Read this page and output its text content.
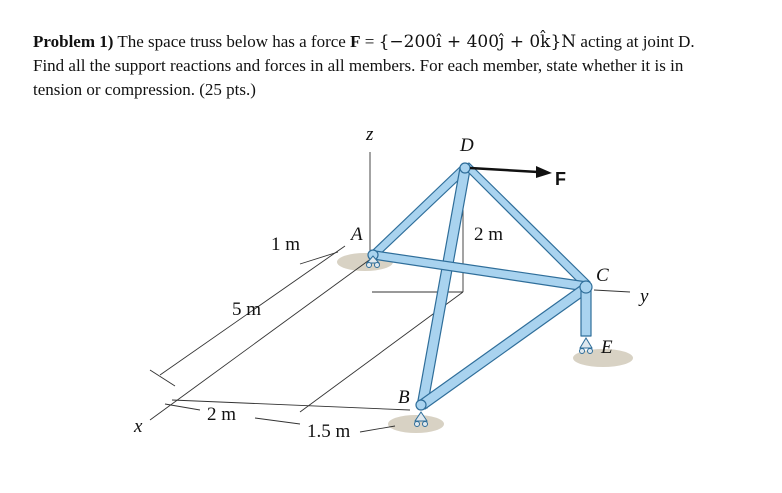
Problem 1) The space truss below has a force F = {−200î + 400ĵ + 0k̂}N acting at joint D.
Find all the support reactions and forces in all members. For each member, state whether it is in
tension or compression. (25 pts.)
z
y
x
A
B
C
D
E
F
1 m
5 m
2 m
2 m
1.5 m
